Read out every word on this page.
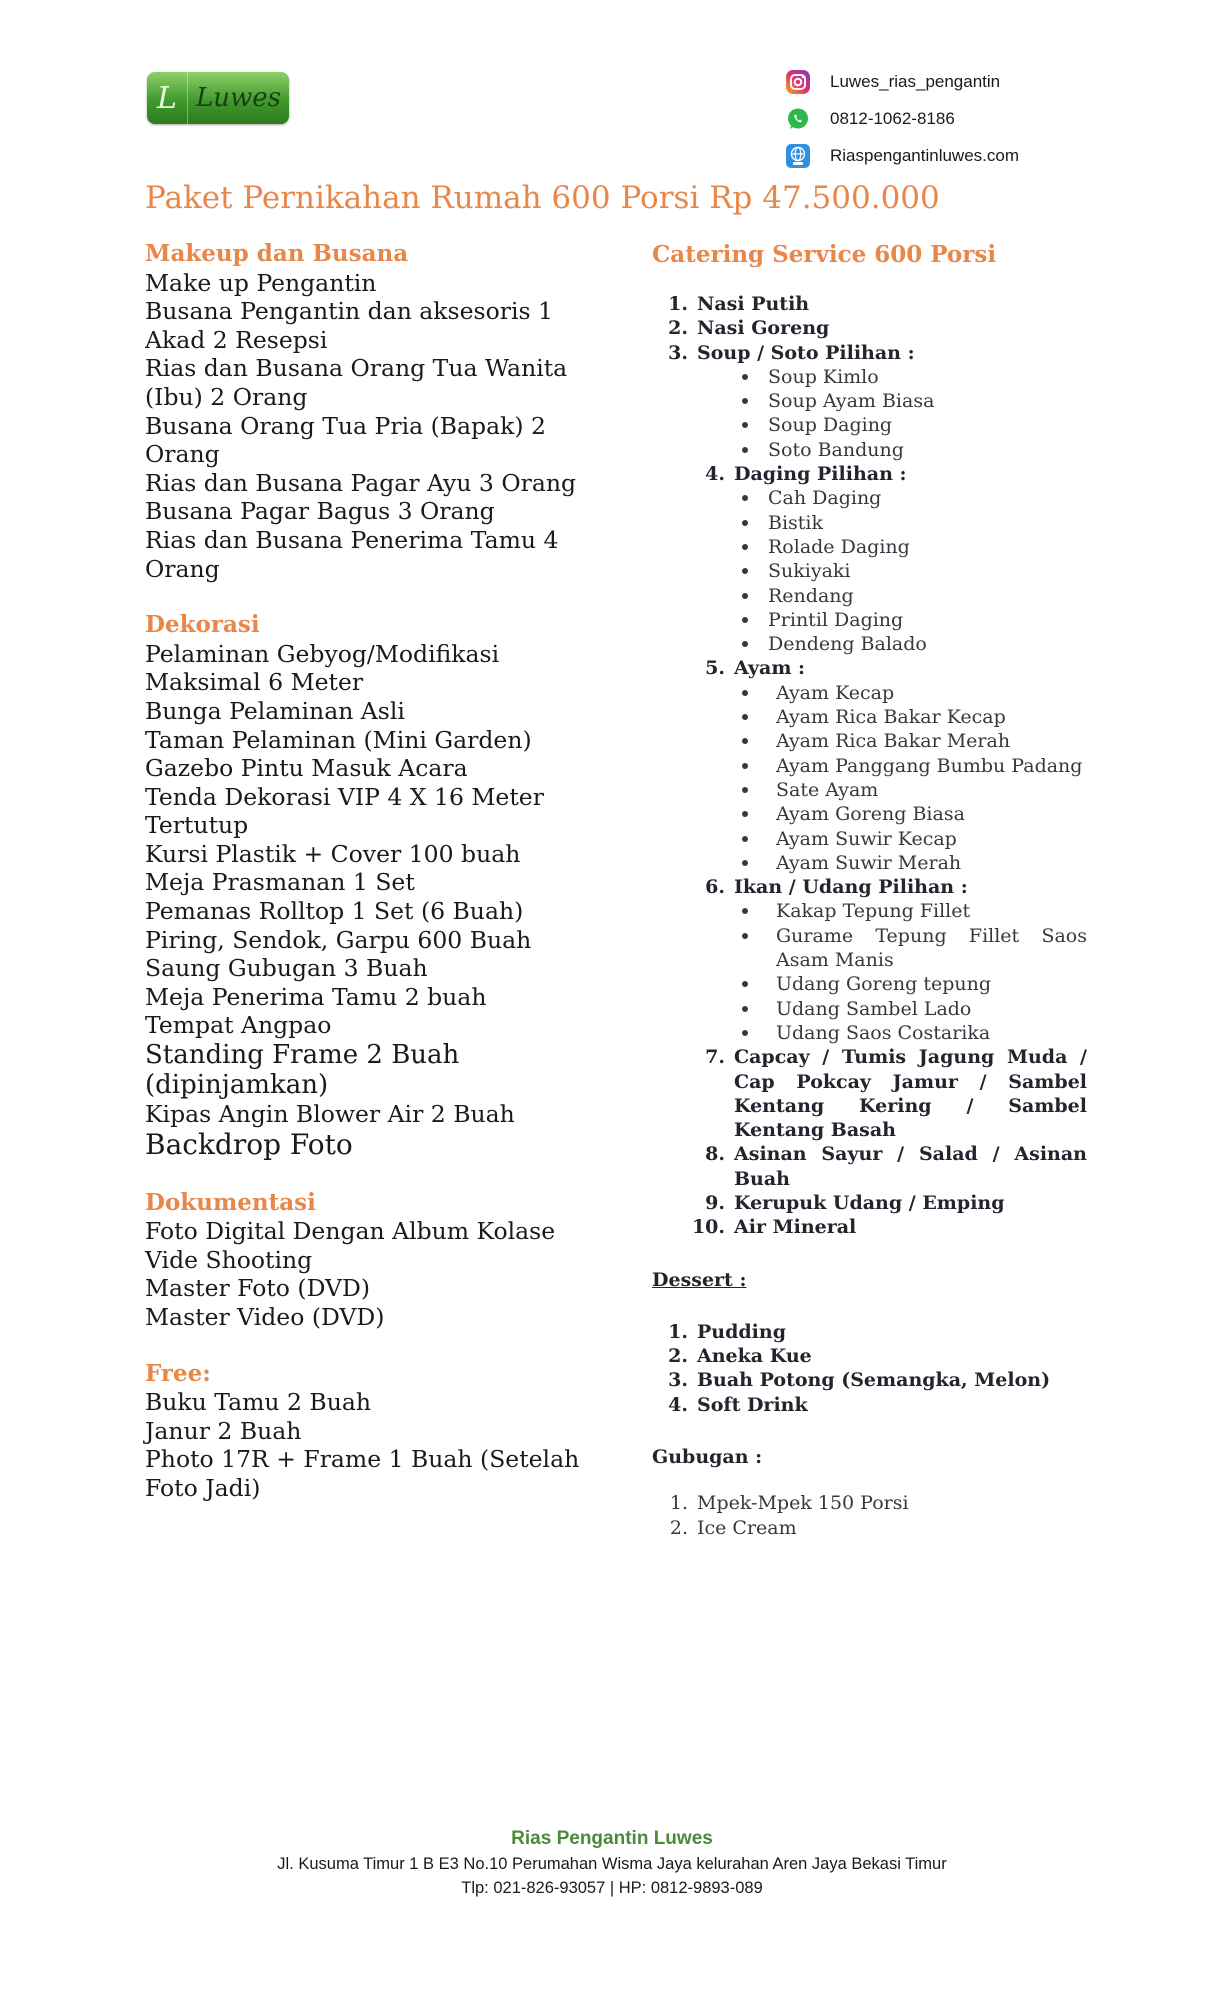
L Luwes
Luwes_rias_pengantin
0812-1062-8186
Riaspengantinluwes.com
Paket Pernikahan Rumah 600 Porsi Rp 47.500.000
Makeup dan Busana
Make up Pengantin
Busana Pengantin dan aksesoris 1 Akad 2 Resepsi
Rias dan Busana Orang Tua Wanita (Ibu) 2 Orang
Busana Orang Tua Pria (Bapak) 2 Orang
Rias dan Busana Pagar Ayu 3 Orang
Busana Pagar Bagus 3 Orang
Rias dan Busana Penerima Tamu 4 Orang
Dekorasi
Pelaminan Gebyog/Modifikasi Maksimal 6 Meter
Bunga Pelaminan Asli
Taman Pelaminan (Mini Garden)
Gazebo Pintu Masuk Acara
Tenda Dekorasi VIP 4 X 16 Meter Tertutup
Kursi Plastik + Cover 100 buah
Meja Prasmanan 1 Set
Pemanas Rolltop 1 Set (6 Buah)
Piring, Sendok, Garpu 600 Buah
Saung Gubugan 3 Buah
Meja Penerima Tamu 2 buah
Tempat Angpao
Standing Frame 2 Buah (dipinjamkan)
Kipas Angin Blower Air 2 Buah
Backdrop Foto
Dokumentasi
Foto Digital Dengan Album Kolase
Vide Shooting
Master Foto (DVD)
Master Video (DVD)
Free:
Buku Tamu 2 Buah
Janur 2 Buah
Photo 17R + Frame 1 Buah (Setelah Foto Jadi)
Catering Service 600 Porsi
1. Nasi Putih
2. Nasi Goreng
3. Soup / Soto Pilihan :
Soup Kimlo
Soup Ayam Biasa
Soup Daging
Soto Bandung
4. Daging Pilihan :
Cah Daging
Bistik
Rolade Daging
Sukiyaki
Rendang
Printil Daging
Dendeng Balado
5. Ayam :
Ayam Kecap
Ayam Rica Bakar Kecap
Ayam Rica Bakar Merah
Ayam Panggang Bumbu Padang
Sate Ayam
Ayam Goreng Biasa
Ayam Suwir Kecap
Ayam Suwir Merah
6. Ikan / Udang Pilihan :
Kakap Tepung Fillet
Gurame Tepung Fillet Saos Asam Manis
Udang Goreng tepung
Udang Sambel Lado
Udang Saos Costarika
7. Capcay / Tumis Jagung Muda / Cap Pokcay Jamur / Sambel Kentang Kering / Sambel Kentang Basah
8. Asinan Sayur / Salad / Asinan Buah
9. Kerupuk Udang / Emping
10. Air Mineral
Dessert :
1. Pudding
2. Aneka Kue
3. Buah Potong (Semangka, Melon)
4. Soft Drink
Gubugan :
1. Mpek-Mpek 150 Porsi
2. Ice Cream
Rias Pengantin Luwes
Jl. Kusuma Timur 1 B E3 No.10 Perumahan Wisma Jaya kelurahan Aren Jaya Bekasi Timur
Tlp: 021-826-93057 | HP: 0812-9893-089
